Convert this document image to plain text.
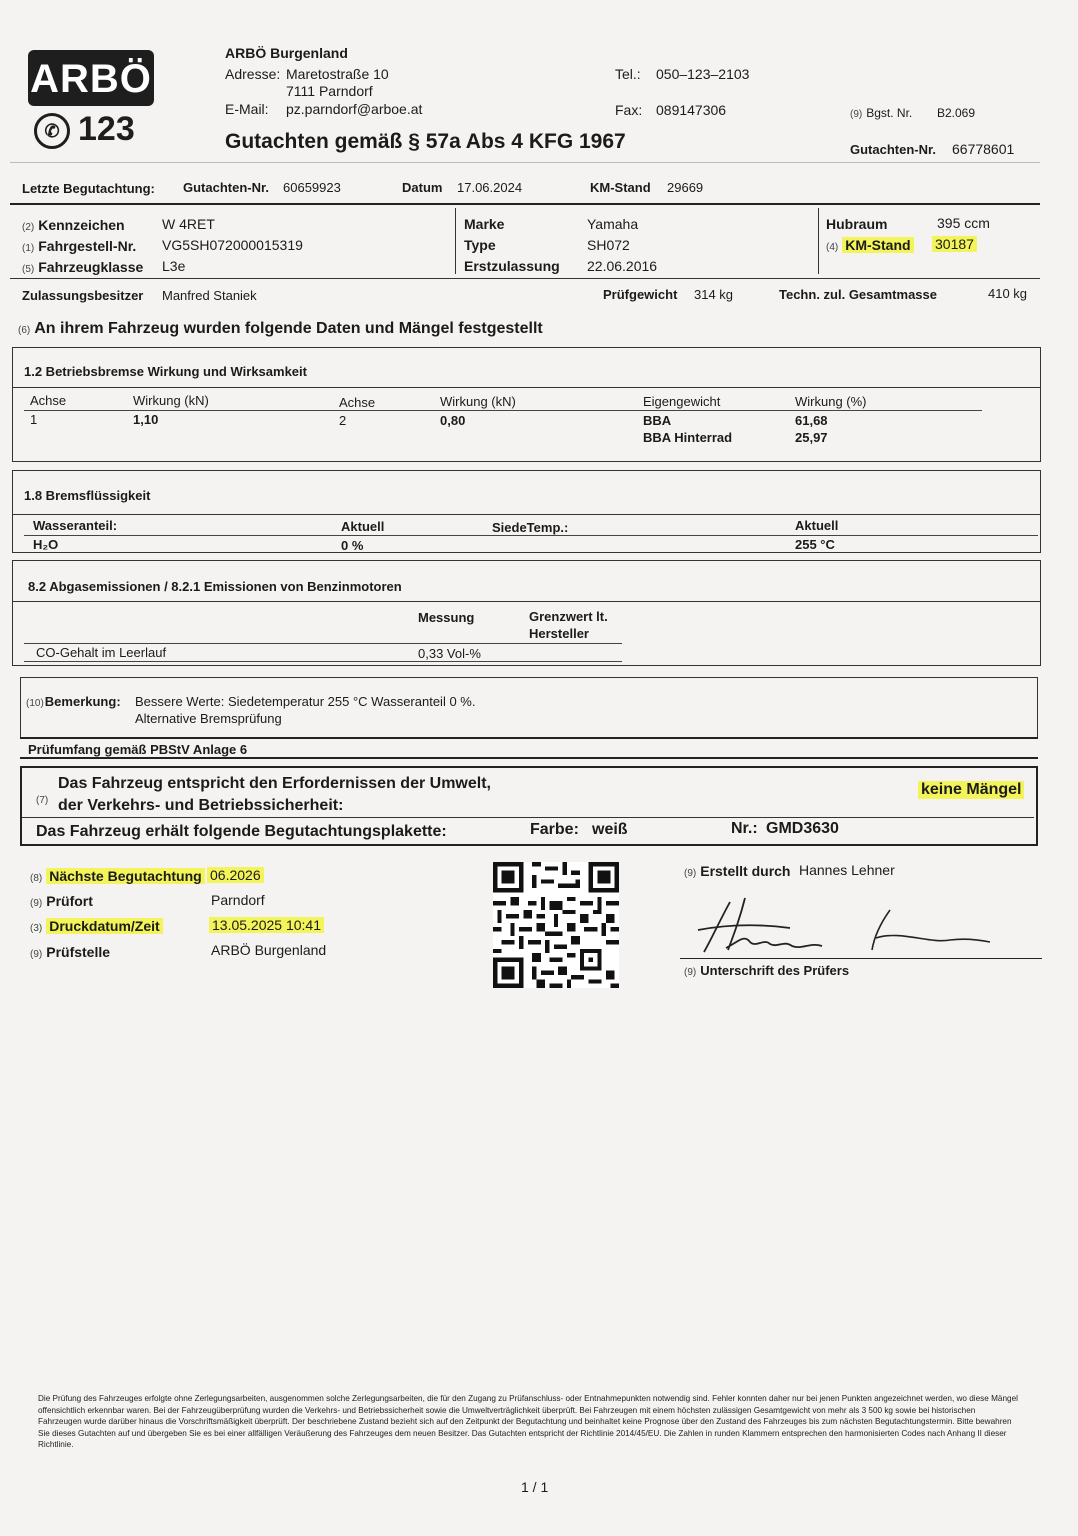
ARBÖ
✆ 123
ARBÖ Burgenland
Adresse: Maretostraße 10
7111 Parndorf
E-Mail: pz.parndorf@arboe.at
Tel.: 050–123–2103
Fax: 089147306	(9) Bgst. Nr. B2.069
Gutachten gemäß § 57a Abs 4 KFG 1967	Gutachten-Nr. 66778601
Letzte Begutachtung: Gutachten-Nr. 60659923	Datum 17.06.2024	KM-Stand 29669
(2) Kennzeichen	W 4RET
(1) Fahrgestell-Nr. VG5SH072000015319
(5) Fahrzeugklasse L3e
Marke	Yamaha
Type	SH072
Erstzulassung 22.06.2016
Hubraum	395 ccm
(4) KM-Stand 30187
Zulassungsbesitzer Manfred Staniek	Prüfgewicht 314 kg	Techn. zul. Gesamtmasse	410 kg
(6) An ihrem Fahrzeug wurden folgende Daten und Mängel festgestellt
1.2 Betriebsbremse Wirkung und Wirksamkeit
Achse	Wirkung (kN)	Achse	Wirkung (kN)	Eigengewicht	Wirkung (%)
1	1,10	2	0,80	BBA	61,68
BBA Hinterrad	25,97
1.8 Bremsflüssigkeit
Wasseranteil:	Aktuell	SiedeTemp.:	Aktuell
H₂O	0 %	255 °C
8.2 Abgasemissionen / 8.2.1 Emissionen von Benzinmotoren
Messung	Grenzwert lt.
Hersteller
CO-Gehalt im Leerlauf	0,33 Vol-%
(10)Bemerkung: Bessere Werte: Siedetemperatur 255 °C Wasseranteil 0 %.
Alternative Bremsprüfung
Prüfumfang gemäß PBStV Anlage 6
(7)
Das Fahrzeug entspricht den Erfordernissen der Umwelt,
der Verkehrs- und Betriebssicherheit:
keine Mängel
Das Fahrzeug erhält folgende Begutachtungsplakette:	Farbe: weiß	Nr.: GMD3630
(8) Nächste Begutachtung 06.2026
(9) Prüfort	Parndorf
(3) Druckdatum/Zeit	13.05.2025 10:41
(9) Prüfstelle	ARBÖ Burgenland
(9) Erstellt durch Hannes Lehner
(9) Unterschrift des Prüfers
Die Prüfung des Fahrzeuges erfolgte ohne Zerlegungsarbeiten, ausgenommen solche Zerlegungsarbeiten, die für den Zugang zu Prüfanschluss- oder Entnahmepunkten notwendig sind. Fehler konnten daher nur bei jenen Punkten angezeichnet werden, wo diese Mängel offensichtlich erkennbar waren. Bei der Fahrzeugüberprüfung wurden die Verkehrs- und Betriebssicherheit sowie die Umweltverträglichkeit überprüft. Bei Fahrzeugen mit einem höchsten zulässigen Gesamtgewicht von mehr als 3 500 kg sowie bei historischen Fahrzeugen wurde darüber hinaus die Vorschriftsmäßigkeit überprüft. Der beschriebene Zustand bezieht sich auf den Zeitpunkt der Begutachtung und beinhaltet keine Prognose über den Zustand des Fahrzeuges bis zum nächsten Begutachtungstermin. Bitte bewahren Sie dieses Gutachten auf und übergeben Sie es bei einer allfälligen Veräußerung des Fahrzeuges dem neuen Besitzer. Das Gutachten entspricht der Richtlinie 2014/45/EU. Die Zahlen in runden Klammern entsprechen den harmonisierten Codes nach Anhang II dieser Richtlinie.
1 / 1
